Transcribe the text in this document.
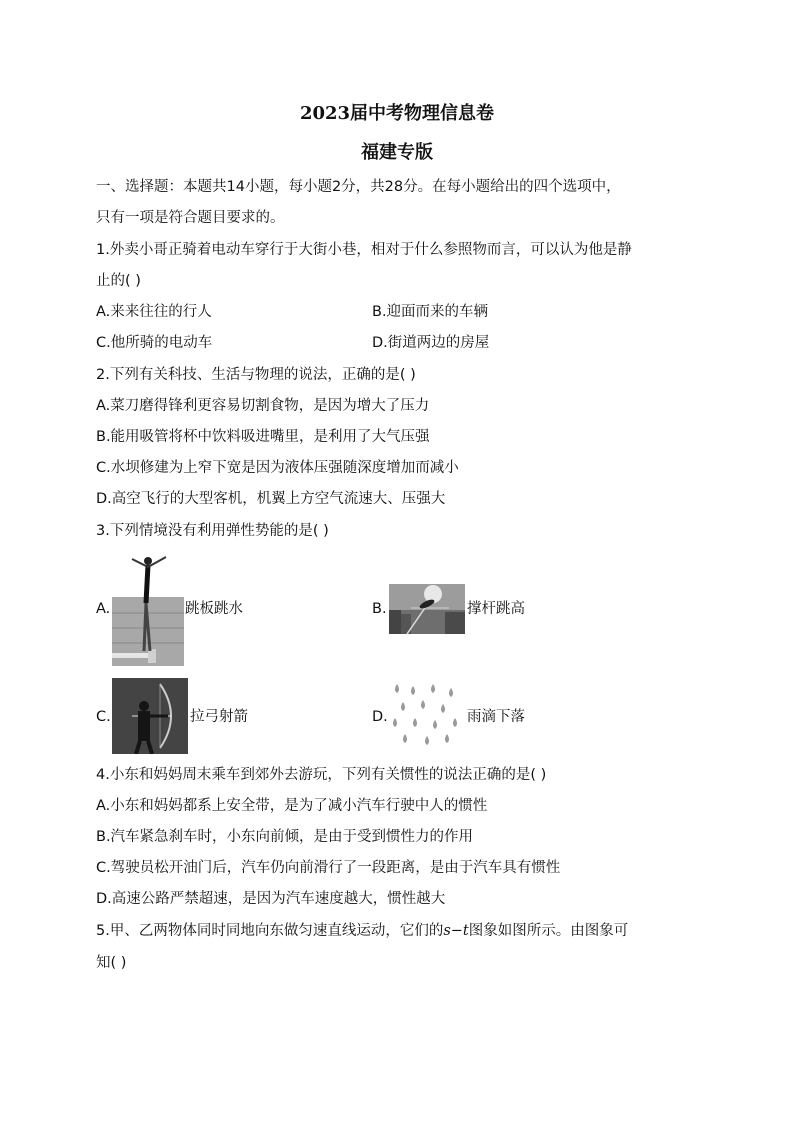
2023届中考物理信息卷
福建专版
一、选择题：本题共14小题，每小题2分，共28分。在每小题给出的四个选项中，
只有一项是符合题目要求的。
1.外卖小哥正骑着电动车穿行于大街小巷，相对于什么参照物而言，可以认为他是静
止的( )
A.来来往往的行人	B.迎面而来的车辆
C.他所骑的电动车	D.街道两边的房屋
2.下列有关科技、生活与物理的说法，正确的是( )
A.菜刀磨得锋利更容易切割食物，是因为增大了压力
B.能用吸管将杯中饮料吸进嘴里，是利用了大气压强
C.水坝修建为上窄下宽是因为液体压强随深度增加而减小
D.高空飞行的大型客机，机翼上方空气流速大、压强大
3.下列情境没有利用弹性势能的是( )
A.	跳板跳水	B.	撑杆跳高
C.	拉弓射箭	D.	雨滴下落
4.小东和妈妈周末乘车到郊外去游玩，下列有关惯性的说法正确的是( )
A.小东和妈妈都系上安全带，是为了减小汽车行驶中人的惯性
B.汽车紧急刹车时，小东向前倾，是由于受到惯性力的作用
C.驾驶员松开油门后，汽车仍向前滑行了一段距离，是由于汽车具有惯性
D.高速公路严禁超速，是因为汽车速度越大，惯性越大
5.甲、乙两物体同时同地向东做匀速直线运动，它们的s−t图象如图所示。由图象可
知( )
